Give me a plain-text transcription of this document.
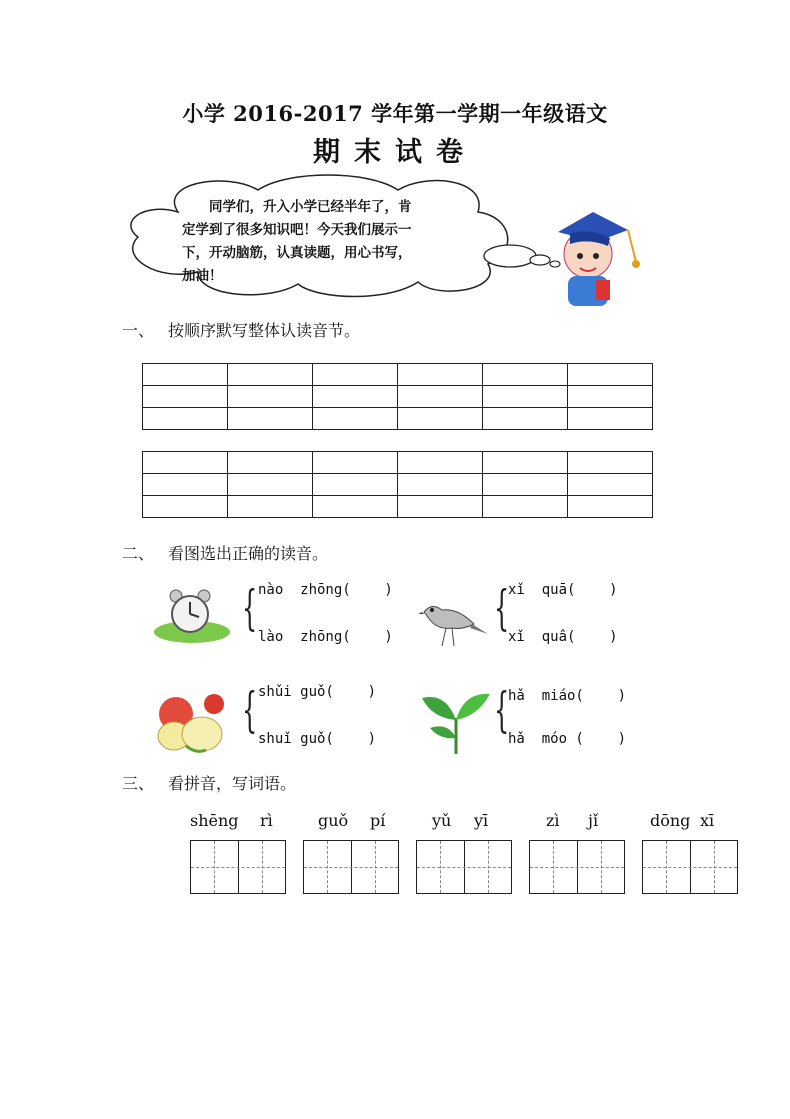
小学 2016-2017 学年第一学期一年级语文
期末试卷
同学们，升入小学已经半年了，肯定学到了很多知识吧！今天我们展示一下，开动脑筋，认真读题，用心书写，加油！
一、 按顺序默写整体认读音节。

二、 看图选出正确的读音。
{ nào  zhōng(    )
lào  zhōng(    )
{
xǐ  quā(    )
xǐ  quâ(    )
{ shǔi guǒ(    )
shuǐ guǒ(    )
{
hǎ  miáo(    )
hǎ  móo (    )
三、 看拼音，写词语。
shēng rì	guǒ pí	yǔ yī	zì jǐ	dōng xī
